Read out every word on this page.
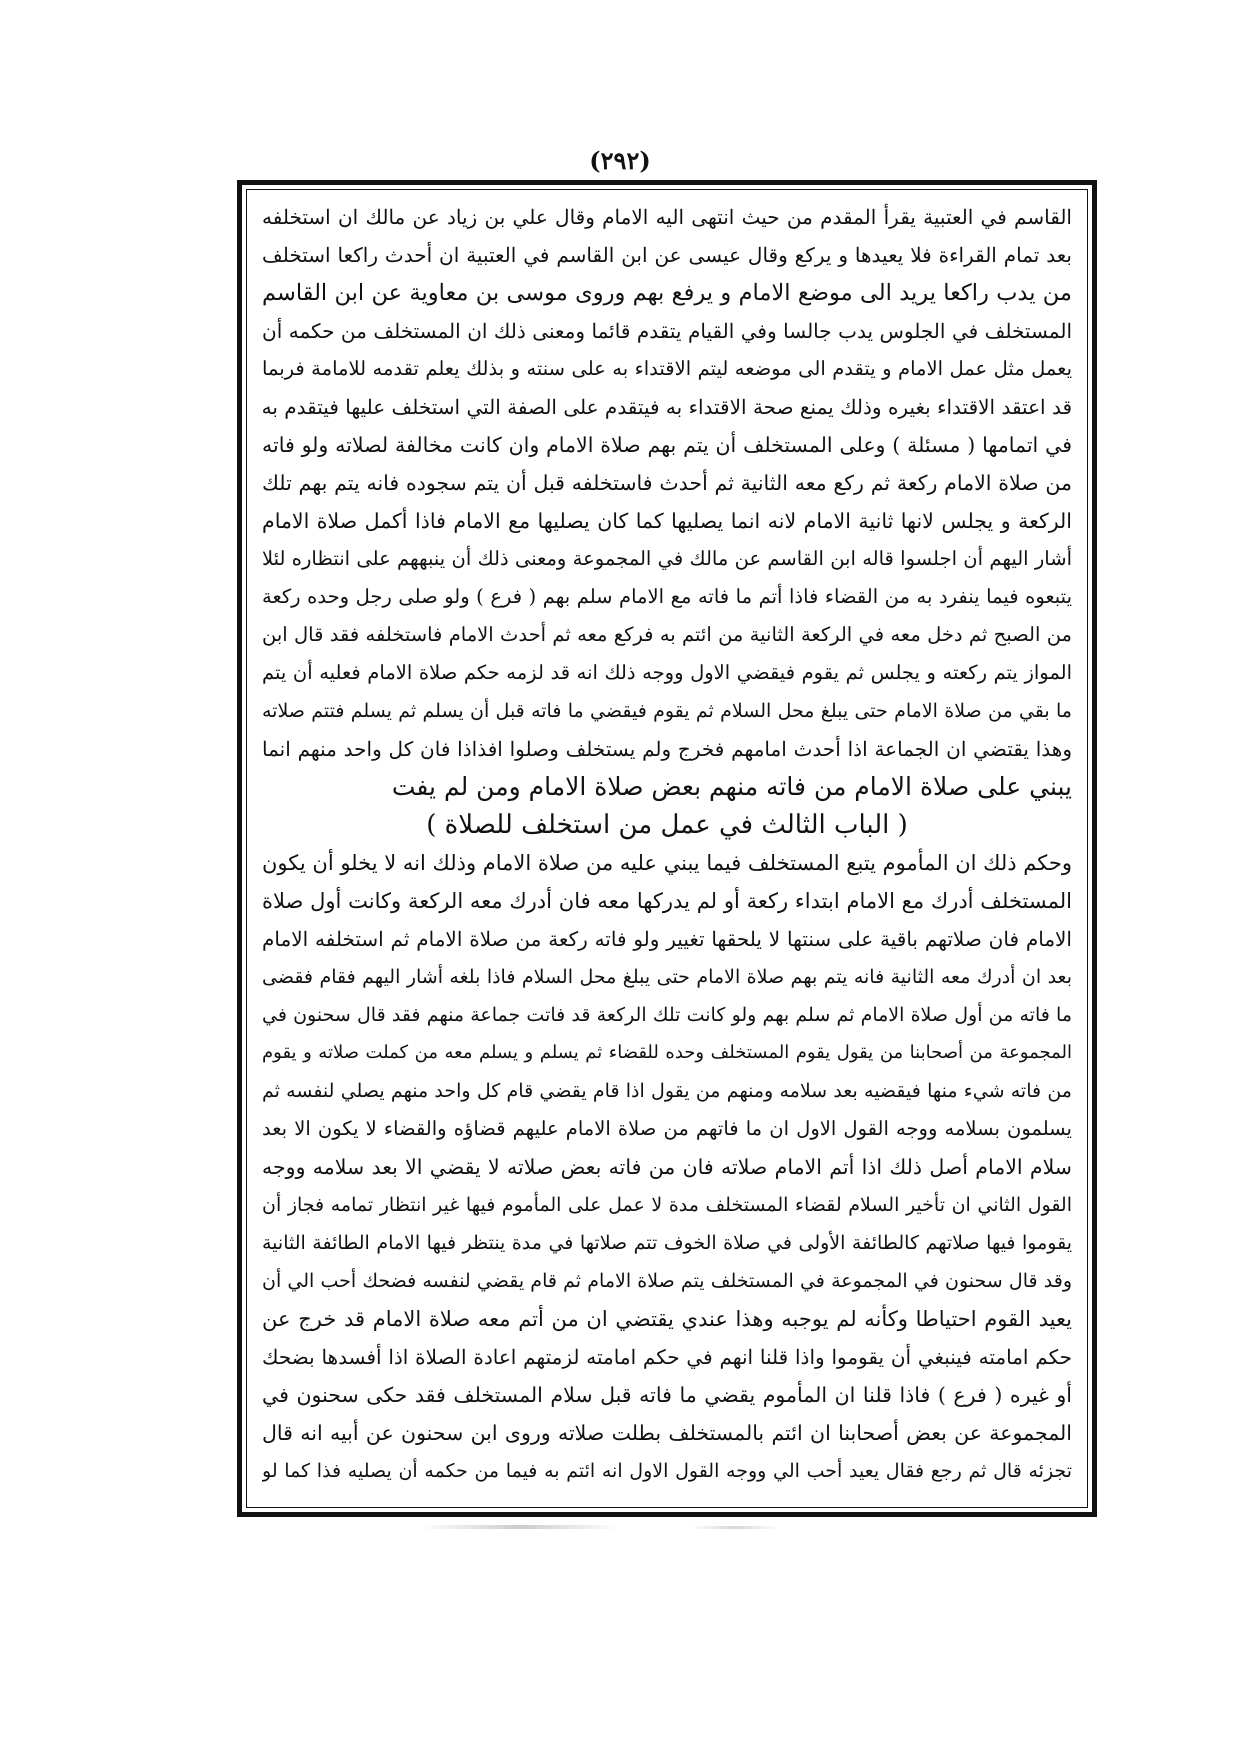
(٢٩٢)

القاسم في العتبية يقرأ المقدم من حيث انتهى اليه الامام وقال علي بن زياد عن مالك ان استخلفه

بعد تمام القراءة فلا يعيدها و يركع وقال عيسى عن ابن القاسم في العتبية ان أحدث راكعا استخلف

من يدب راكعا يريد الى موضع الامام و يرفع بهم وروى موسى بن معاوية عن ابن القاسم

المستخلف في الجلوس يدب جالسا وفي القيام يتقدم قائما ومعنى ذلك ان المستخلف من حكمه أن

يعمل مثل عمل الامام و يتقدم الى موضعه ليتم الاقتداء به على سنته و بذلك يعلم تقدمه للامامة فربما

قد اعتقد الاقتداء بغيره وذلك يمنع صحة الاقتداء به فيتقدم على الصفة التي استخلف عليها فيتقدم به

في اتمامها ( مسئلة ) وعلى المستخلف أن يتم بهم صلاة الامام وان كانت مخالفة لصلاته ولو فاته

من صلاة الامام ركعة ثم ركع معه الثانية ثم أحدث فاستخلفه قبل أن يتم سجوده فانه يتم بهم تلك

الركعة و يجلس لانها ثانية الامام لانه انما يصليها كما كان يصليها مع الامام فاذا أكمل صلاة الامام

أشار اليهم أن اجلسوا قاله ابن القاسم عن مالك في المجموعة ومعنى ذلك أن ينبههم على انتظاره لئلا

يتبعوه فيما ينفرد به من القضاء فاذا أتم ما فاته مع الامام سلم بهم ( فرع ) ولو صلى رجل وحده ركعة

من الصبح ثم دخل معه في الركعة الثانية من ائتم به فركع معه ثم أحدث الامام فاستخلفه فقد قال ابن

المواز يتم ركعته و يجلس ثم يقوم فيقضي الاول ووجه ذلك انه قد لزمه حكم صلاة الامام فعليه أن يتم

ما بقي من صلاة الامام حتى يبلغ محل السلام ثم يقوم فيقضي ما فاته قبل أن يسلم ثم يسلم فتتم صلاته

وهذا يقتضي ان الجماعة اذا أحدث امامهم فخرج ولم يستخلف وصلوا افذاذا فان كل واحد منهم انما

يبني على صلاة الامام من فاته منهم بعض صلاة الامام ومن لم يفت

( الباب الثالث في عمل من استخلف للصلاة )

وحكم ذلك ان المأموم يتبع المستخلف فيما يبني عليه من صلاة الامام وذلك انه لا يخلو أن يكون

المستخلف أدرك مع الامام ابتداء ركعة أو لم يدركها معه فان أدرك معه الركعة وكانت أول صلاة

الامام فان صلاتهم باقية على سنتها لا يلحقها تغيير ولو فاته ركعة من صلاة الامام ثم استخلفه الامام

بعد ان أدرك معه الثانية فانه يتم بهم صلاة الامام حتى يبلغ محل السلام فاذا بلغه أشار اليهم فقام فقضى

ما فاته من أول صلاة الامام ثم سلم بهم ولو كانت تلك الركعة قد فاتت جماعة منهم فقد قال سحنون في

المجموعة من أصحابنا من يقول يقوم المستخلف وحده للقضاء ثم يسلم و يسلم معه من كملت صلاته و يقوم

من فاته شيء منها فيقضيه بعد سلامه ومنهم من يقول اذا قام يقضي قام كل واحد منهم يصلي لنفسه ثم

يسلمون بسلامه ووجه القول الاول ان ما فاتهم من صلاة الامام عليهم قضاؤه والقضاء لا يكون الا بعد

سلام الامام أصل ذلك اذا أتم الامام صلاته فان من فاته بعض صلاته لا يقضي الا بعد سلامه ووجه

القول الثاني ان تأخير السلام لقضاء المستخلف مدة لا عمل على المأموم فيها غير انتظار تمامه فجاز أن

يقوموا فيها صلاتهم كالطائفة الأولى في صلاة الخوف تتم صلاتها في مدة ينتظر فيها الامام الطائفة الثانية

وقد قال سحنون في المجموعة في المستخلف يتم صلاة الامام ثم قام يقضي لنفسه فضحك أحب الي أن

يعيد القوم احتياطا وكأنه لم يوجبه وهذا عندي يقتضي ان من أتم معه صلاة الامام قد خرج عن

حكم امامته فينبغي أن يقوموا واذا قلنا انهم في حكم امامته لزمتهم اعادة الصلاة اذا أفسدها بضحك

أو غيره ( فرع ) فاذا قلنا ان المأموم يقضي ما فاته قبل سلام المستخلف فقد حكى سحنون في

المجموعة عن بعض أصحابنا ان ائتم بالمستخلف بطلت صلاته وروى ابن سحنون عن أبيه انه قال

تجزئه قال ثم رجع فقال يعيد أحب الي ووجه القول الاول انه ائتم به فيما من حكمه أن يصليه فذا كما لو
